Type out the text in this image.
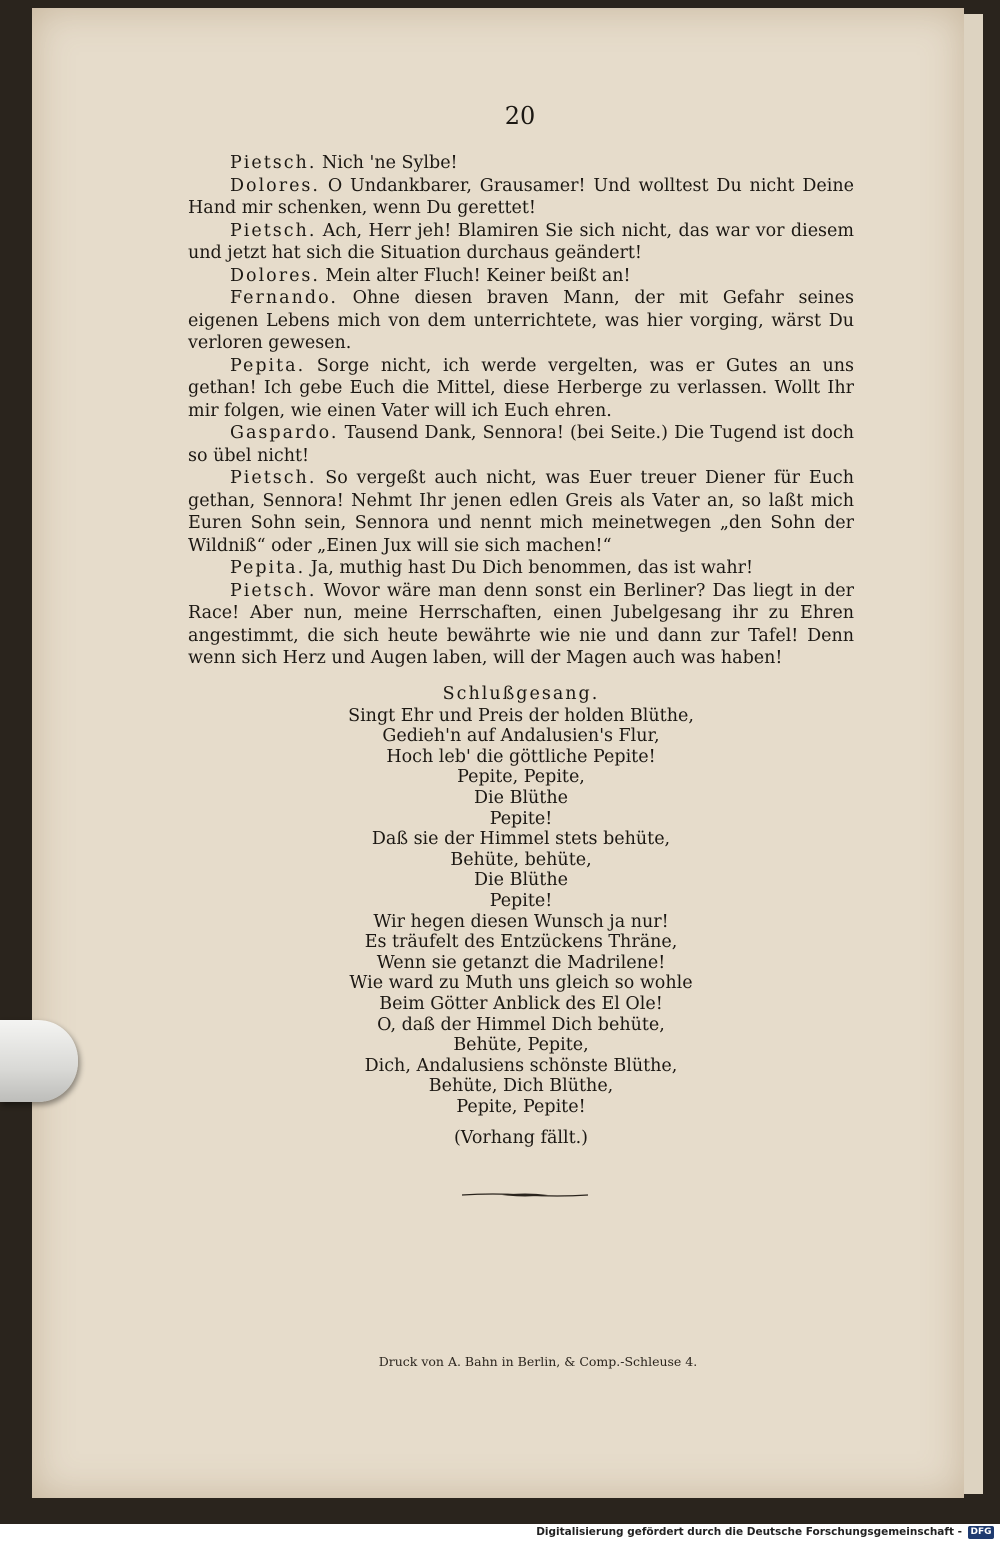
20

Pietsch. Nich 'ne Sylbe!

Dolores. O Undankbarer, Grausamer! Und wolltest Du nicht Deine Hand mir schenken, wenn Du gerettet!

Pietsch. Ach, Herr jeh! Blamiren Sie sich nicht, das war vor diesem und jetzt hat sich die Situation durchaus geändert!

Dolores. Mein alter Fluch! Keiner beißt an!

Fernando. Ohne diesen braven Mann, der mit Gefahr seines eigenen Lebens mich von dem unterrichtete, was hier vorging, wärst Du verloren gewesen.

Pepita. Sorge nicht, ich werde vergelten, was er Gutes an uns gethan! Ich gebe Euch die Mittel, diese Herberge zu verlassen. Wollt Ihr mir folgen, wie einen Vater will ich Euch ehren.

Gaspardo. Tausend Dank, Sennora! (bei Seite.) Die Tugend ist doch so übel nicht!

Pietsch. So vergeßt auch nicht, was Euer treuer Diener für Euch gethan, Sennora! Nehmt Ihr jenen edlen Greis als Vater an, so laßt mich Euren Sohn sein, Sennora und nennt mich meinetwegen „den Sohn der Wildniß“ oder „Einen Jux will sie sich machen!“

Pepita. Ja, muthig hast Du Dich benommen, das ist wahr!

Pietsch. Wovor wäre man denn sonst ein Berliner? Das liegt in der Race! Aber nun, meine Herrschaften, einen Jubelgesang ihr zu Ehren angestimmt, die sich heute bewährte wie nie und dann zur Tafel! Denn wenn sich Herz und Augen laben, will der Magen auch was haben!

Schlußgesang.
Singt Ehr und Preis der holden Blüthe,
Gedieh'n auf Andalusien's Flur,
Hoch leb' die göttliche Pepite!
Pepite, Pepite,
Die Blüthe
Pepite!
Daß sie der Himmel stets behüte,
Behüte, behüte,
Die Blüthe
Pepite!
Wir hegen diesen Wunsch ja nur!
Es träufelt des Entzückens Thräne,
Wenn sie getanzt die Madrilene!
Wie ward zu Muth uns gleich so wohle
Beim Götter Anblick des El Ole!
O, daß der Himmel Dich behüte,
Behüte, Pepite,
Dich, Andalusiens schönste Blüthe,
Behüte, Dich Blüthe,
Pepite, Pepite!
(Vorhang fällt.)
Druck von A. Bahn in Berlin, & Comp.-Schleuse 4.
Digitalisierung gefördert durch die Deutsche Forschungsgemeinschaft - DFG
